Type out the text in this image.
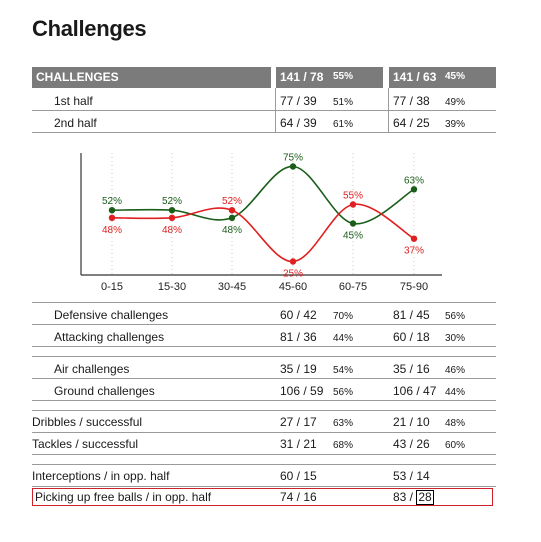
Challenges
CHALLENGES	141 / 78 55%	141 / 63 45%
1st half	77 / 39 51%	77 / 38 49%
2nd half	64 / 39 61%	64 / 25 39%
52%	52%
48%
75%
45%
63%
48%	48%
52%
25%
55%
37%
0-15	15-30	30-45	45-60	60-75	75-90
Defensive challenges	60 / 42 70%	81 / 45 56%
Attacking challenges	81 / 36 44%	60 / 18 30%
Air challenges	35 / 19 54%	35 / 16 46%
Ground challenges	106 / 59 56%	106 / 47 44%
Dribbles / successful	27 / 17 63%	21 / 10 48%
Tackles / successful	31 / 21 68%	43 / 26 60%
Interceptions / in opp. half	60 / 15	53 / 14
Picking up free balls / in opp. half	74 / 16	83 / 28
